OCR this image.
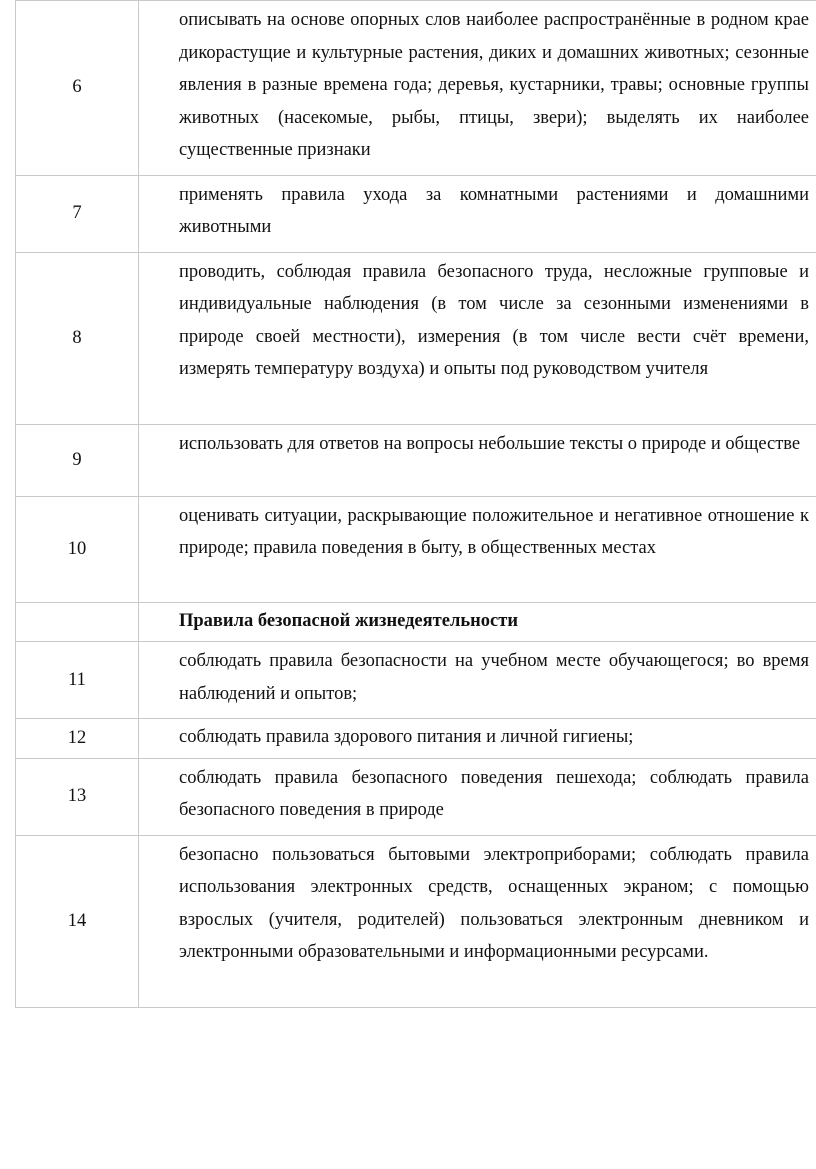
6	описывать на основе опорных слов наиболее распространённые в родном крае дикорастущие и культурные растения, диких и домашних животных; сезонные явления в разные времена года; деревья, кустарники, травы; основные группы животных (насекомые, рыбы, птицы, звери); выделять их наиболее существенные признаки
7	применять правила ухода за комнатными растениями и домашними животными
8	проводить, соблюдая правила безопасного труда, несложные групповые и индивидуальные наблюдения (в том числе за сезонными изменениями в природе своей местности), измерения (в том числе вести счёт времени, измерять температуру воздуха) и опыты под руководством учителя
9	использовать для ответов на вопросы небольшие тексты о природе и обществе
10	оценивать ситуации, раскрывающие положительное и негативное отношение к природе; правила поведения в быту, в общественных местах
	Правила безопасной жизнедеятельности
11	соблюдать правила безопасности на учебном месте обучающегося; во время наблюдений и опытов;
12	соблюдать правила здорового питания и личной гигиены;
13	соблюдать правила безопасного поведения пешехода; соблюдать правила безопасного поведения в природе
14	безопасно пользоваться бытовыми электроприборами; соблюдать правила использования электронных средств, оснащенных экраном; с помощью взрослых (учителя, родителей) пользоваться электронным дневником и электронными образовательными и информационными ресурсами.
